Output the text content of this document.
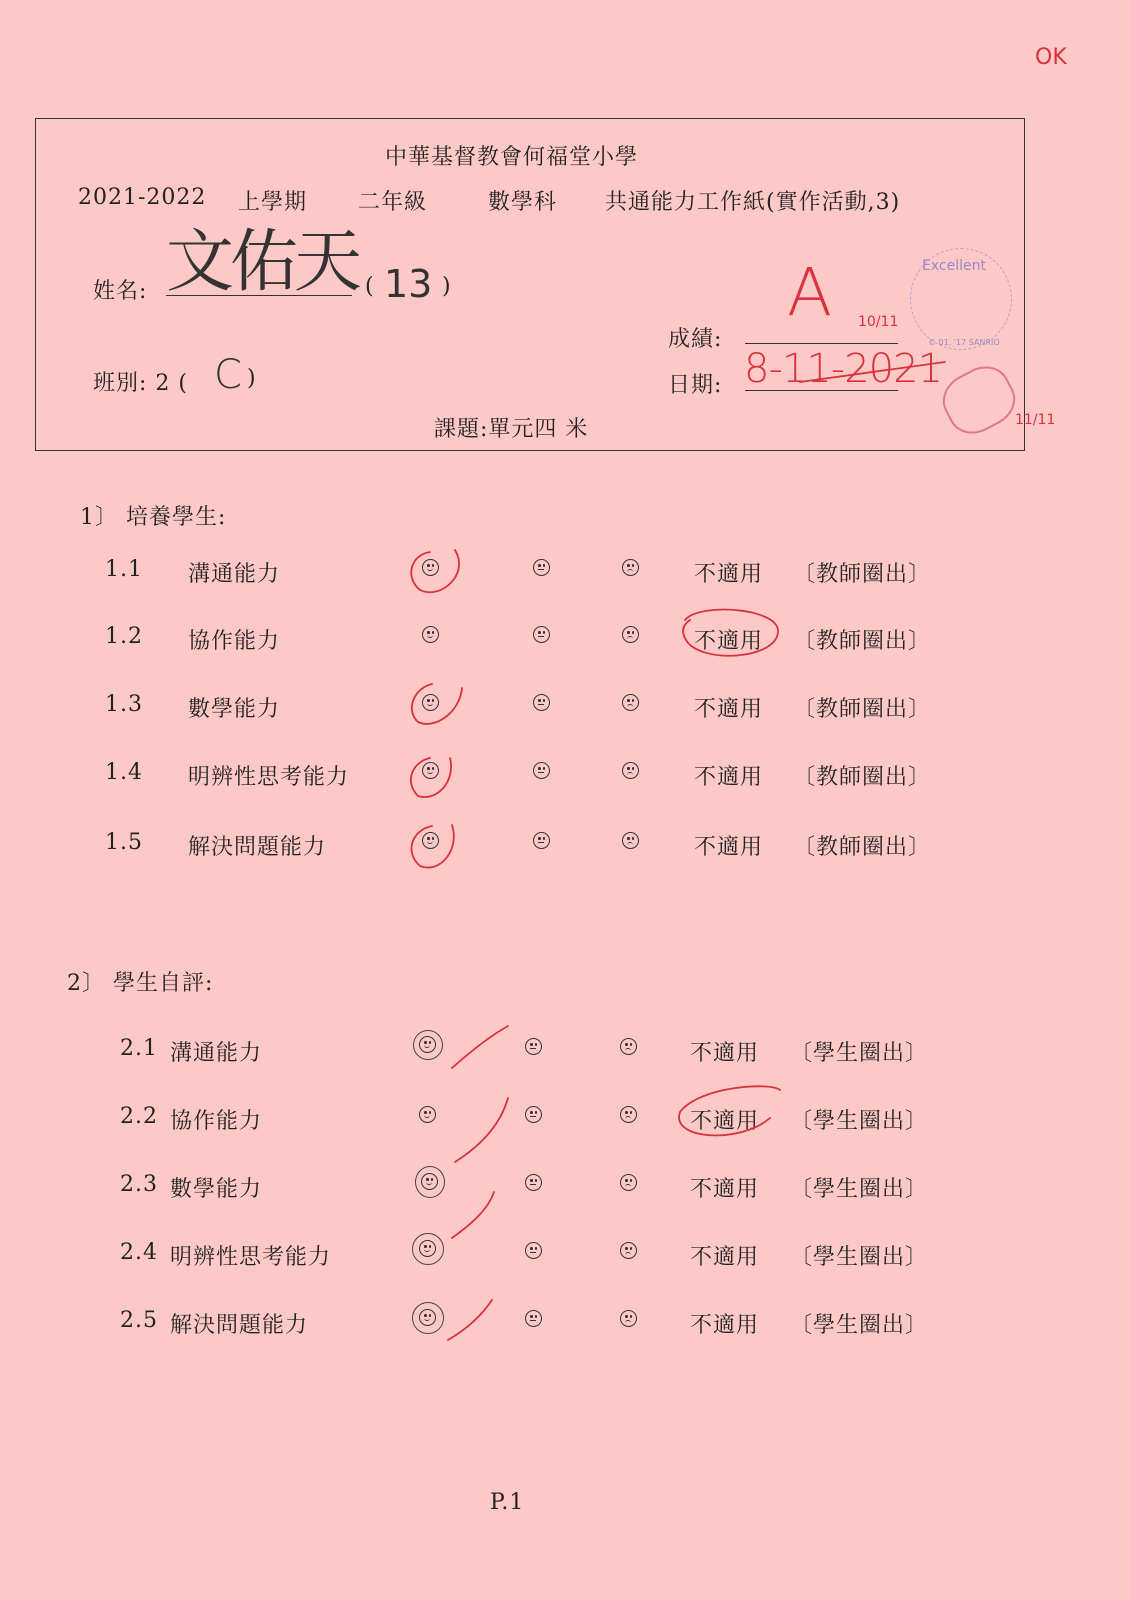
OK
中華基督教會何福堂小學
2021-2022 上學期 二年級	數學科 共通能力工作紙(實作活動,3)
姓名: 文佑天 ( 13 )
班別: 2 ( C )
成績:
A 10/11
日期: 8-11-2021
Excellent
© 01, '17 SANRIO
11/11
課題:單元四 米
1〕 培養學生:
1.1 溝通能力	不適用 〔教師圈出〕
1.2 協作能力	不適用 〔教師圈出〕
1.3 數學能力	不適用 〔教師圈出〕
1.4 明辨性思考能力	不適用 〔教師圈出〕
1.5 解決問題能力	不適用 〔教師圈出〕
2〕 學生自評:
2.1 溝通能力	不適用 〔學生圈出〕
2.2 協作能力	不適用 〔學生圈出〕
2.3 數學能力	不適用 〔學生圈出〕
2.4 明辨性思考能力	不適用 〔學生圈出〕
2.5 解決問題能力	不適用 〔學生圈出〕
P.1
